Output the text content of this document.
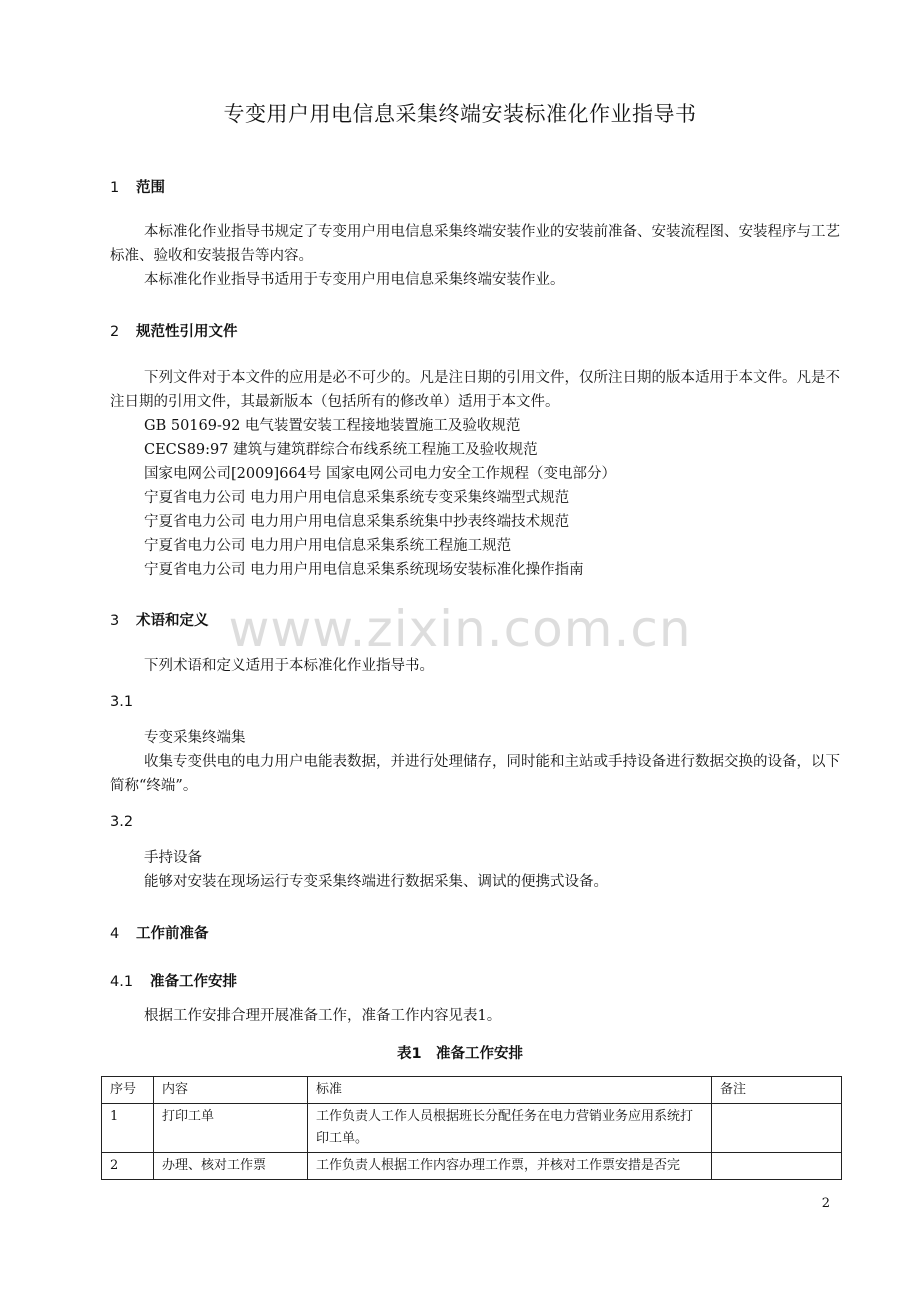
专变用户用电信息采集终端安装标准化作业指导书
1 范围
本标准化作业指导书规定了专变用户用电信息采集终端安装作业的安装前准备、安装流程图、安装程序与工艺标准、验收和安装报告等内容。
本标准化作业指导书适用于专变用户用电信息采集终端安装作业。
2 规范性引用文件
下列文件对于本文件的应用是必不可少的。凡是注日期的引用文件，仅所注日期的版本适用于本文件。凡是不注日期的引用文件，其最新版本（包括所有的修改单）适用于本文件。
GB 50169-92 电气装置安装工程接地装置施工及验收规范
CECS89:97 建筑与建筑群综合布线系统工程施工及验收规范
国家电网公司[2009]664号 国家电网公司电力安全工作规程（变电部分）
宁夏省电力公司 电力用户用电信息采集系统专变采集终端型式规范
宁夏省电力公司 电力用户用电信息采集系统集中抄表终端技术规范
宁夏省电力公司 电力用户用电信息采集系统工程施工规范
宁夏省电力公司 电力用户用电信息采集系统现场安装标准化操作指南
www.zixin.com.cn
3 术语和定义
下列术语和定义适用于本标准化作业指导书。
3.1
专变采集终端集
收集专变供电的电力用户电能表数据，并进行处理储存，同时能和主站或手持设备进行数据交换的设备，以下简称“终端”。
3.2
手持设备
能够对安装在现场运行专变采集终端进行数据采集、调试的便携式设备。
4 工作前准备
4.1 准备工作安排
根据工作安排合理开展准备工作，准备工作内容见表1。
表1　准备工作安排
序号	内容	标准	备注
1	打印工单	工作负责人工作人员根据班长分配任务在电力营销业务应用系统打印工单。	
2	办理、核对工作票	工作负责人根据工作内容办理工作票，并核对工作票安措是否完	
2
